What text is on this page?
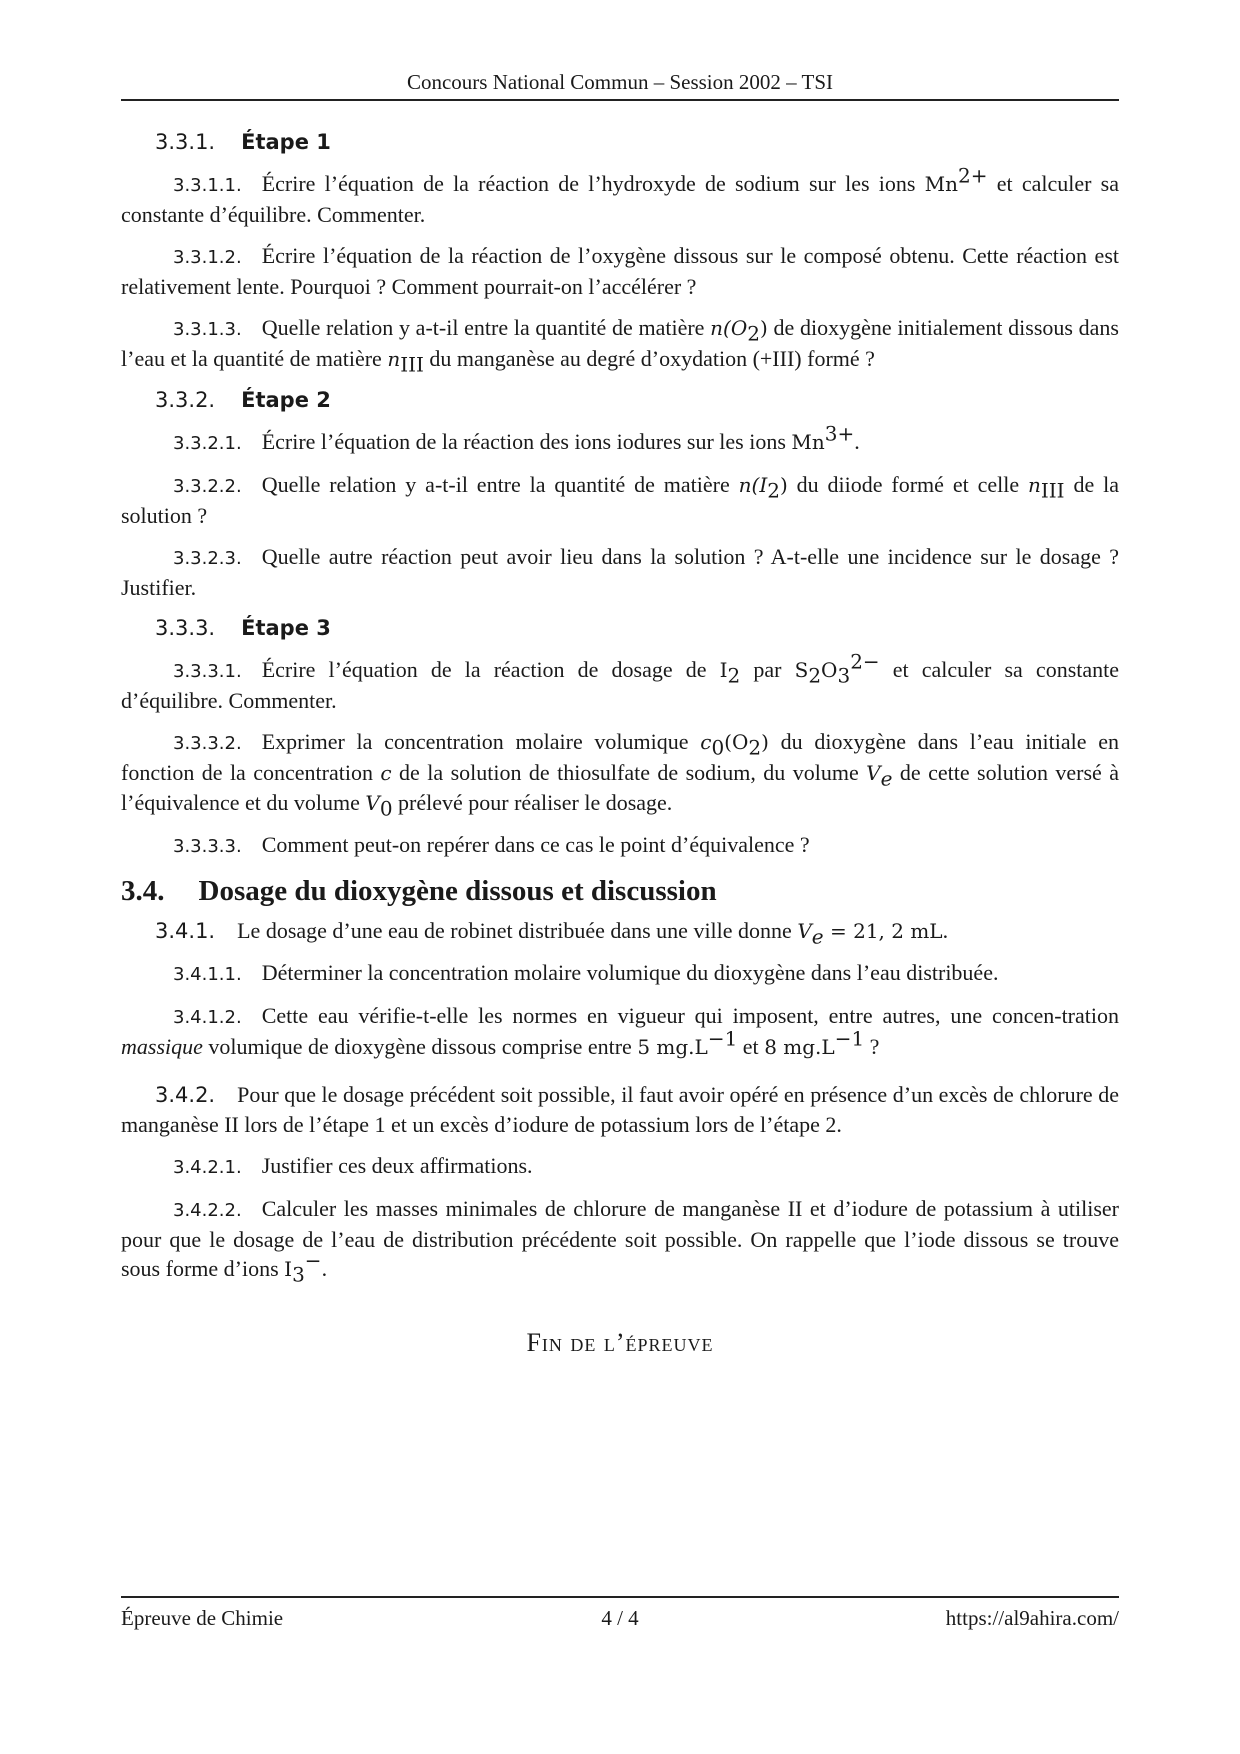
Concours National Commun – Session 2002 – TSI
3.3.1. Étape 1

3.3.1.1. Écrire l’équation de la réaction de l’hydroxyde de sodium sur les ions $Mn^{2+}$ et calculer sa constante d’équilibre. Commenter.

3.3.1.2. Écrire l’équation de la réaction de l’oxygène dissous sur le composé obtenu. Cette réaction est relativement lente. Pourquoi ? Comment pourrait-on l’accélérer ?

3.3.1.3. Quelle relation y a-t-il entre la quantité de matière $n(O_2)$ de dioxygène initialement dissous dans l’eau et la quantité de matière $n_{III}$ du manganèse au degré d’oxydation (+III) formé ?

3.3.2. Étape 2

3.3.2.1. Écrire l’équation de la réaction des ions iodures sur les ions $Mn^{3+}$.

3.3.2.2. Quelle relation y a-t-il entre la quantité de matière $n(I_2)$ du diiode formé et celle $n_{III}$ de la solution ?

3.3.2.3. Quelle autre réaction peut avoir lieu dans la solution ? A-t-elle une incidence sur le dosage ? Justifier.

3.3.3. Étape 3

3.3.3.1. Écrire l’équation de la réaction de dosage de $I_2$ par $S_2O_3^{2-}$ et calculer sa constante d’équilibre. Commenter.

3.3.3.2. Exprimer la concentration molaire volumique $c_0(O_2)$ du dioxygène dans l’eau initiale en fonction de la concentration c de la solution de thiosulfate de sodium, du volume $V_e$ de cette solution versé à l’équivalence et du volume $V_0$ prélevé pour réaliser le dosage.

3.3.3.3. Comment peut-on repérer dans ce cas le point d’équivalence ?

3.4. Dosage du dioxygène dissous et discussion

3.4.1. Le dosage d’une eau de robinet distribuée dans une ville donne $V_e = 21$, 2 mL.

3.4.1.1. Déterminer la concentration molaire volumique du dioxygène dans l’eau distribuée.

3.4.1.2. Cette eau vérifie-t-elle les normes en vigueur qui imposent, entre autres, une concen-tration massique volumique de dioxygène dissous comprise entre 5 $mg.L^{-1}$ et 8 $mg.L^{-1}$ ?

3.4.2. Pour que le dosage précédent soit possible, il faut avoir opéré en présence d’un excès de chlorure de manganèse II lors de l’étape 1 et un excès d’iodure de potassium lors de l’étape 2.

3.4.2.1. Justifier ces deux affirmations.

3.4.2.2. Calculer les masses minimales de chlorure de manganèse II et d’iodure de potassium à utiliser pour que le dosage de l’eau de distribution précédente soit possible. On rappelle que l’iode dissous se trouve sous forme d’ions $I_3^-$.

Fin de l’épreuve
Épreuve de Chimie	4 / 4	https://al9ahira.com/
